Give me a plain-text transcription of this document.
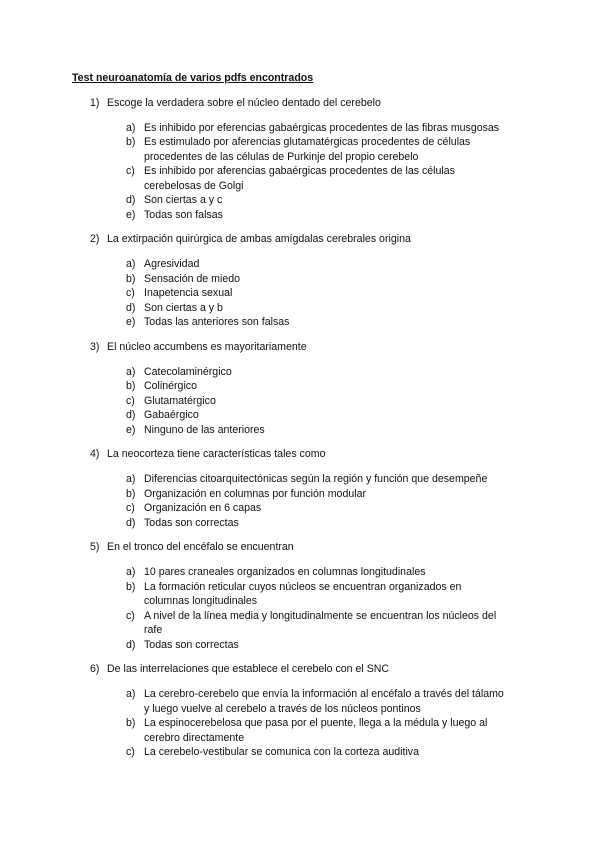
Test neuroanatomía de varios pdfs encontrados
1) Escoge la verdadera sobre el núcleo dentado del cerebelo
a) Es inhibido por eferencias gabaérgicas procedentes de las fibras musgosas
b) Es estimulado por aferencias glutamatérgicas procedentes de células
procedentes de las células de Purkinje del propio cerebelo
c) Es inhibido por aferencias gabaérgicas procedentes de las células
cerebelosas de Golgi
d) Son ciertas a y c
e) Todas son falsas
2) La extirpación quirúrgica de ambas amígdalas cerebrales origina
a) Agresividad
b) Sensación de miedo
c) Inapetencia sexual
d) Son ciertas a y b
e) Todas las anteriores son falsas
3) El núcleo accumbens es mayoritariamente
a) Catecolaminérgico
b) Colinérgico
c) Glutamatérgico
d) Gabaérgico
e) Ninguno de las anteriores
4) La neocorteza tiene características tales como
a) Diferencias citoarquitectónicas según la región y función que desempeñe
b) Organización en columnas por función modular
c) Organización en 6 capas
d) Todas son correctas
5) En el tronco del encéfalo se encuentran
a) 10 pares craneales organizados en columnas longitudinales
b) La formación reticular cuyos núcleos se encuentran organizados en
columnas longitudinales
c) A nivel de la línea media y longitudinalmente se encuentran los núcleos del
rafe
d) Todas son correctas
6) De las interrelaciones que establece el cerebelo con el SNC
a) La cerebro-cerebelo que envía la información al encéfalo a través del tálamo
y luego vuelve al cerebelo a través de los núcleos pontinos
b) La espinocerebelosa que pasa por el puente, llega a la médula y luego al
cerebro directamente
c) La cerebelo-vestibular se comunica con la corteza auditiva
